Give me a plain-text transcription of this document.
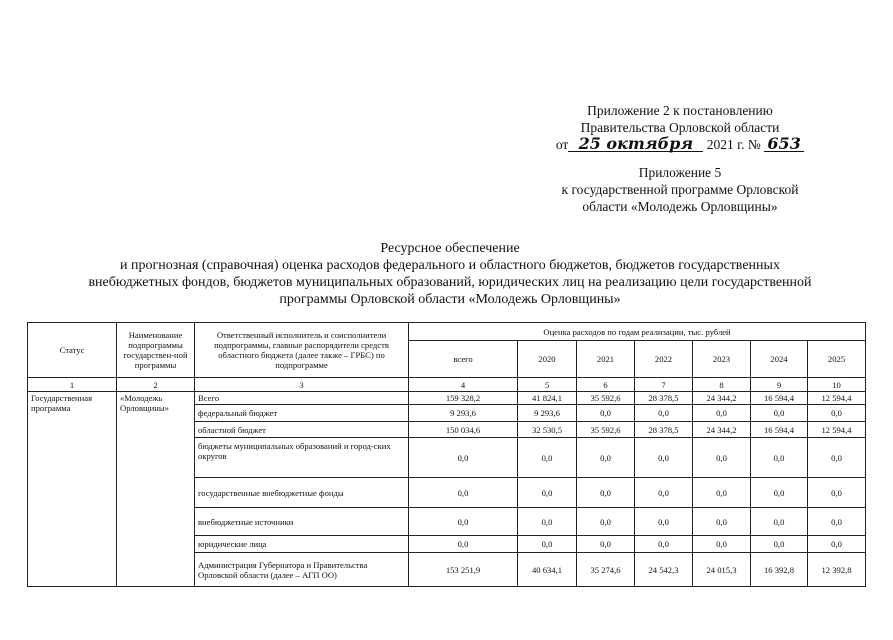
Приложение 2 к постановлению
Правительства Орловской области
от 25 октября 2021 г. № 653
Приложение 5
к государственной программе Орловской
области «Молодежь Орловщины»
Ресурсное обеспечение
и прогнозная (справочная) оценка расходов федерального и областного бюджетов, бюджетов государственных
внебюджетных фондов, бюджетов муниципальных образований, юридических лиц на реализацию цели государственной
программы Орловской области «Молодежь Орловщины»
Статус	Наименование подпрограммы государствен-ной программы	Ответственный исполнитель и соисполнители подпрограммы, главные распорядители средств областного бюджета (далее также – ГРБС) по подпрограмме	Оценка расходов по годам реализации, тыс. рублей						
			всего	2020	2021	2022	2023	2024	2025
1	2	3	4	5	6	7	8	9	10
Государственная программа	«Молодежь Орловщины»	Всего	159 328,2	41 824,1	35 592,6	28 378,5	24 344,2	16 594,4	12 594,4
		федеральный бюджет	9 293,6	9 293,6	0,0	0,0	0,0	0,0	0,0
		областной бюджет	150 034,6	32 530,5	35 592,6	28 378,5	24 344,2	16 594,4	12 594,4
		бюджеты муниципальных образований и город-ских округов	0,0	0,0	0,0	0,0	0,0	0,0	0,0
		государственные внебюджетные фонды	0,0	0,0	0,0	0,0	0,0	0,0	0,0
		внебюджетные источники	0,0	0,0	0,0	0,0	0,0	0,0	0,0
		юридические лица	0,0	0,0	0,0	0,0	0,0	0,0	0,0
		Администрация Губернатора и Правительства Орловской области (далее – АГП ОО)	153 251,9	40 634,1	35 274,6	24 542,3	24 015,3	16 392,8	12 392,8
